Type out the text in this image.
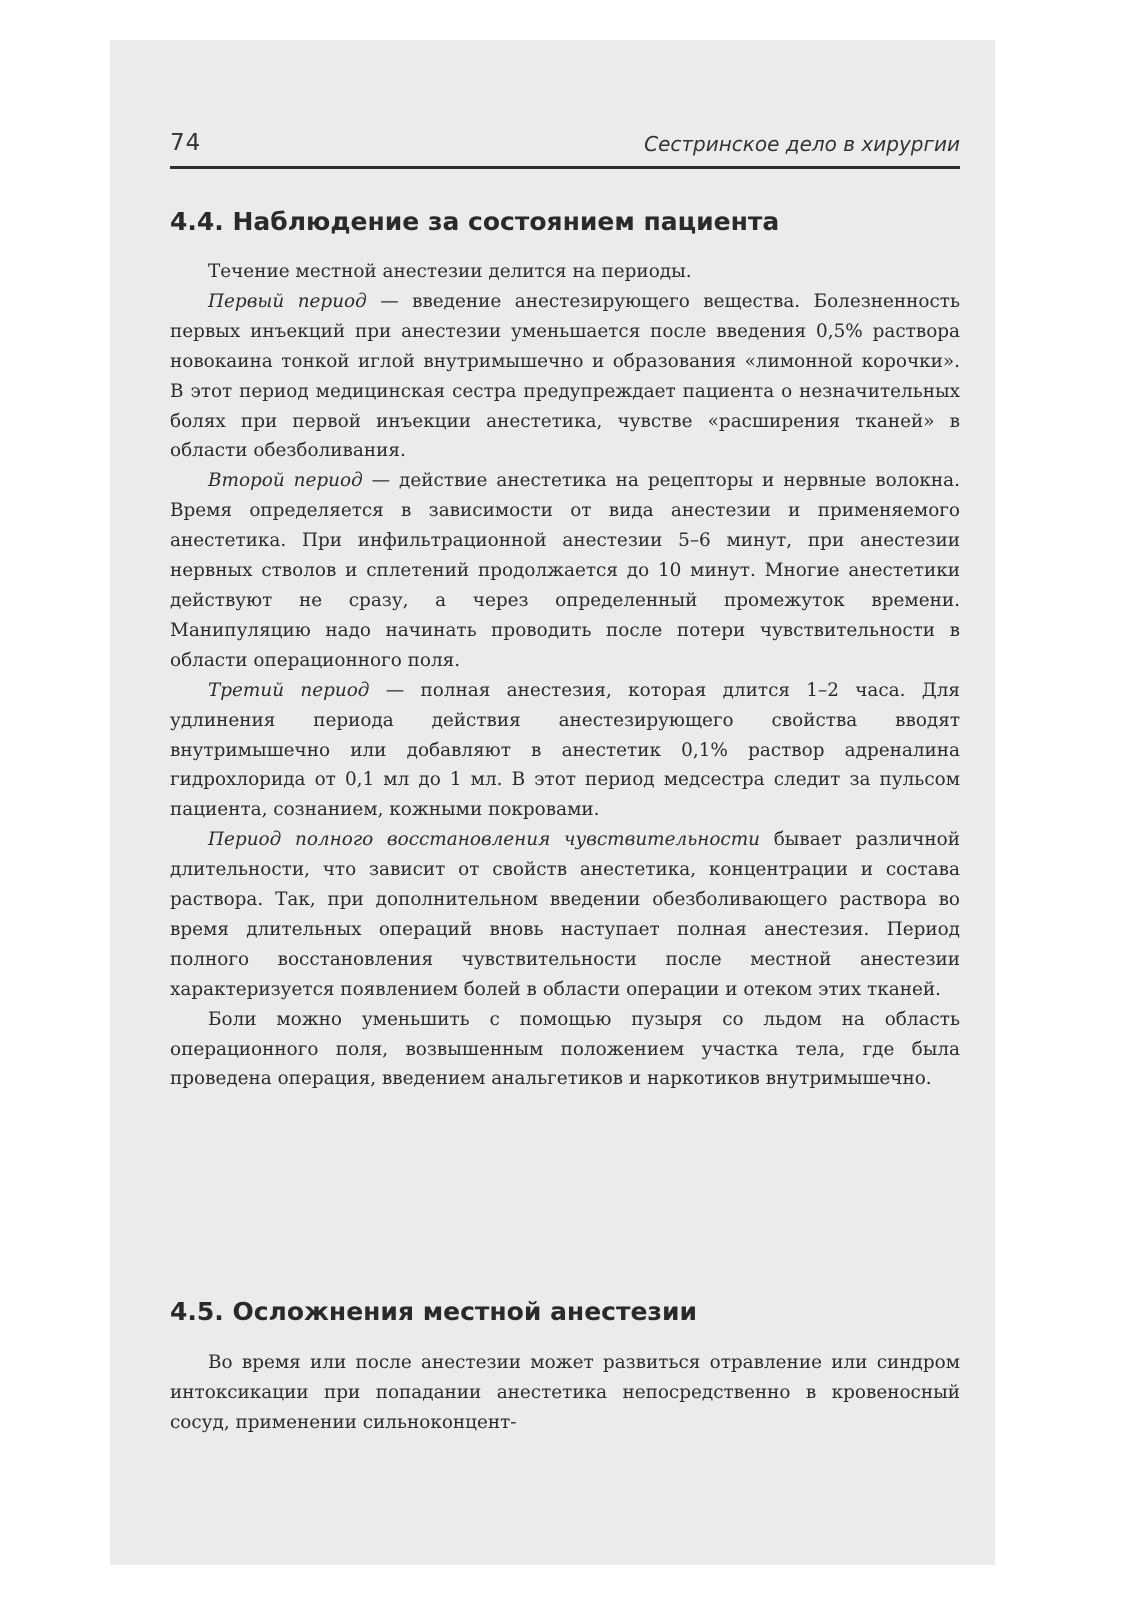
74	Сестринское дело в хирургии
4.4. Наблюдение за состоянием пациента

Течение местной анестезии делится на периоды.

Первый период — введение анестезирующего вещества. Болезненность первых инъекций при анестезии уменьшается после введения 0,5% раствора новокаина тонкой иглой внутримышечно и образования «лимонной корочки». В этот период медицинская сестра предупреждает пациента о незначительных болях при первой инъекции анестетика, чувстве «расширения тканей» в области обезболивания.

Второй период — действие анестетика на рецепторы и нервные волокна. Время определяется в зависимости от вида анестезии и применяемого анестетика. При инфильтрационной анестезии 5–6 минут, при анестезии нервных стволов и сплетений продолжается до 10 минут. Многие анестетики действуют не сразу, а через определенный промежуток времени. Манипуляцию надо начинать проводить после потери чувствительности в области операционного поля.

Третий период — полная анестезия, которая длится 1–2 часа. Для удлинения периода действия анестезирующего свойства вводят внутримышечно или добавляют в анестетик 0,1% раствор адреналина гидрохлорида от 0,1 мл до 1 мл. В этот период медсестра следит за пульсом пациента, сознанием, кожными покровами.

Период полного восстановления чувствительности бывает различной длительности, что зависит от свойств анестетика, концентрации и состава раствора. Так, при дополнительном введении обезболивающего раствора во время длительных операций вновь наступает полная анестезия. Период полного восстановления чувствительности после местной анестезии характеризуется появлением болей в области операции и отеком этих тканей.

Боли можно уменьшить с помощью пузыря со льдом на область операционного поля, возвышенным положением участка тела, где была проведена операция, введением анальгетиков и наркотиков внутримышечно.

4.5. Осложнения местной анестезии

Во время или после анестезии может развиться отравление или синдром интоксикации при попадании анестетика непосредственно в кровеносный сосуд, применении сильноконцент-
